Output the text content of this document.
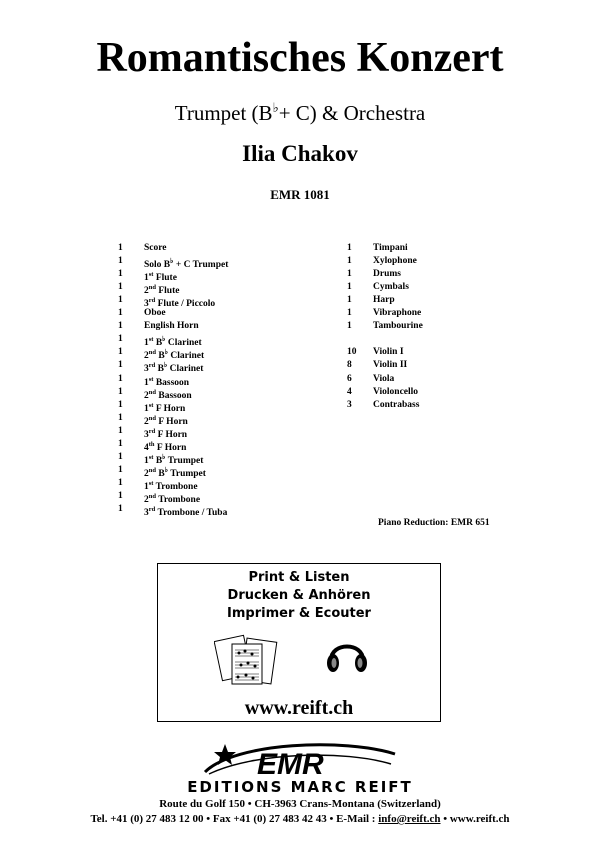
Romantisches Konzert
Trumpet (B♭+ C) & Orchestra
Ilia Chakov
EMR 1081
1 Score
1 Solo B♭ + C Trumpet
1 1st Flute
1 2nd Flute
1 3rd Flute / Piccolo
1 Oboe
1 English Horn
1 1st B♭ Clarinet
1 2nd B♭ Clarinet
1 3rd B♭ Clarinet
1 1st Bassoon
1 2nd Bassoon
1 1st F Horn
1 2nd F Horn
1 3rd F Horn
1 4th F Horn
1 1st B♭ Trumpet
1 2nd B♭ Trumpet
1 1st Trombone
1 2nd Trombone
1 3rd Trombone / Tuba
1 Timpani
1 Xylophone
1 Drums
1 Cymbals
1 Harp
1 Vibraphone
1 Tambourine
10 Violin I
8 Violin II
6 Viola
4 Violoncello
3 Contrabass
Piano Reduction: EMR 651
Print & Listen
Drucken & Anhören
Imprimer & Ecouter
www.reift.ch
EMR
EDITIONS MARC REIFT
Route du Golf 150 • CH-3963 Crans-Montana (Switzerland)
Tel. +41 (0) 27 483 12 00 • Fax +41 (0) 27 483 42 43 • E-Mail : info@reift.ch • www.reift.ch
